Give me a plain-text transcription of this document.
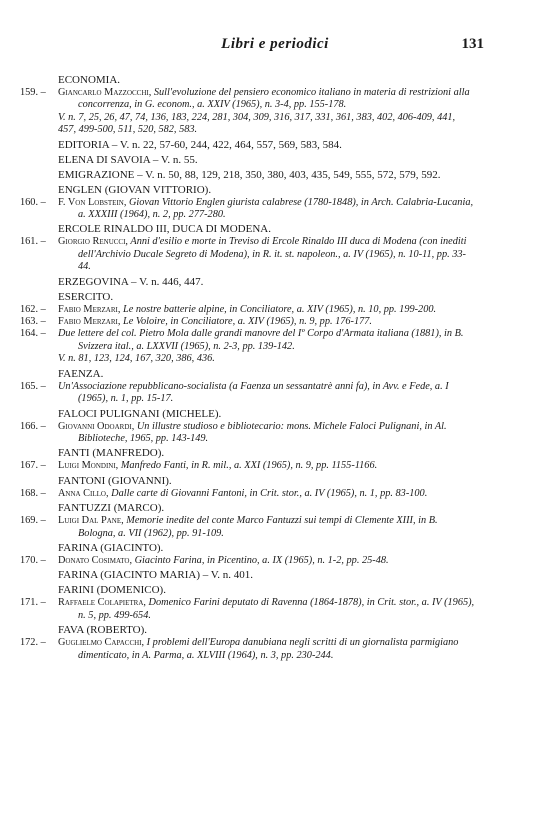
Libri e periodici	131
ECONOMIA.
159. –	Giancarlo Mazzocchi, Sull'evoluzione del pensiero economico italiano in materia di restrizioni alla concorrenza, in G. econom., a. XXIV (1965), n. 3-4, pp. 155-178.
V. n. 7, 25, 26, 47, 74, 136, 183, 224, 281, 304, 309, 316, 317, 331, 361, 383, 402, 406-409, 441, 457, 499-500, 511, 520, 582, 583.
EDITORIA – V. n. 22, 57-60, 244, 422, 464, 557, 569, 583, 584.
ELENA DI SAVOIA – V. n. 55.
EMIGRAZIONE – V. n. 50, 88, 129, 218, 350, 380, 403, 435, 549, 555, 572, 579, 592.
ENGLEN (GIOVAN VITTORIO).
160. –	F. Von Lobstein, Giovan Vittorio Englen giurista calabrese (1780-1848), in Arch. Calabria-Lucania, a. XXXIII (1964), n. 2, pp. 277-280.
ERCOLE RINALDO III, DUCA DI MODENA.
161. –	Giorgio Renucci, Anni d'esilio e morte in Treviso di Ercole Rinaldo III duca di Modena (con inediti dell'Archivio Ducale Segreto di Modena), in R. it. st. napoleon., a. IV (1965), n. 10-11, pp. 33-44.
ERZEGOVINA – V. n. 446, 447.
ESERCITO.
162. –	Fabio Merzari, Le nostre batterie alpine, in Conciliatore, a. XIV (1965), n. 10, pp. 199-200.
163. –	Fabio Merzari, Le Voloire, in Conciliatore, a. XIV (1965), n. 9, pp. 176-177.
164. –	Due lettere del col. Pietro Mola dalle grandi manovre del Iº Corpo d'Armata italiana (1881), in B. Svizzera ital., a. LXXVII (1965), n. 2-3, pp. 139-142.
V. n. 81, 123, 124, 167, 320, 386, 436.
FAENZA.
165. –	Un'Associazione repubblicano-socialista (a Faenza un sessantatrè anni fa), in Avv. e Fede, a. I (1965), n. 1, pp. 15-17.
FALOCI PULIGNANI (MICHELE).
166. –	Giovanni Odoardi, Un illustre studioso e bibliotecario: mons. Michele Faloci Pulignani, in Al. Biblioteche, 1965, pp. 143-149.
FANTI (MANFREDO).
167. –	Luigi Mondini, Manfredo Fanti, in R. mil., a. XXI (1965), n. 9, pp. 1155-1166.
FANTONI (GIOVANNI).
168. –	Anna Cillo, Dalle carte di Giovanni Fantoni, in Crit. stor., a. IV (1965), n. 1, pp. 83-100.
FANTUZZI (MARCO).
169. –	Luigi Dal Pane, Memorie inedite del conte Marco Fantuzzi sui tempi di Clemente XIII, in B. Bologna, a. VII (1962), pp. 91-109.
FARINA (GIACINTO).
170. –	Donato Cosimato, Giacinto Farina, in Picentino, a. IX (1965), n. 1-2, pp. 25-48.
FARINA (GIACINTO MARIA) – V. n. 401.
FARINI (DOMENICO).
171. –	Raffaele Colapietra, Domenico Farini deputato di Ravenna (1864-1878), in Crit. stor., a. IV (1965), n. 5, pp. 499-654.
FAVA (ROBERTO).
172. –	Guglielmo Capacchi, I problemi dell'Europa danubiana negli scritti di un giornalista parmigiano dimenticato, in A. Parma, a. XLVIII (1964), n. 3, pp. 230-244.
